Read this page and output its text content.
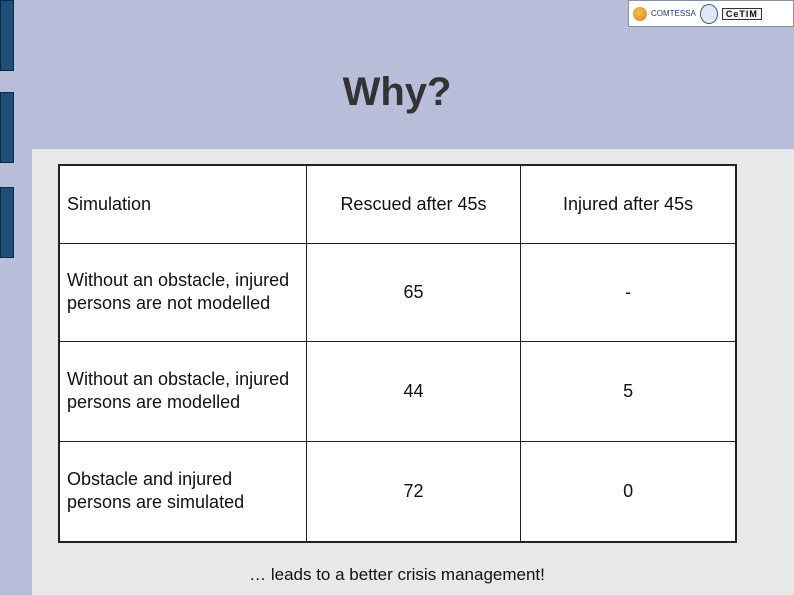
COMTESSA	CeTIM
Why?
Simulation	Rescued after 45s	Injured after 45s
Without an obstacle, injured persons are not modelled	65	-
Without an obstacle, injured persons are modelled	44	5
Obstacle and injured persons are simulated	72	0
… leads to a better crisis management!
